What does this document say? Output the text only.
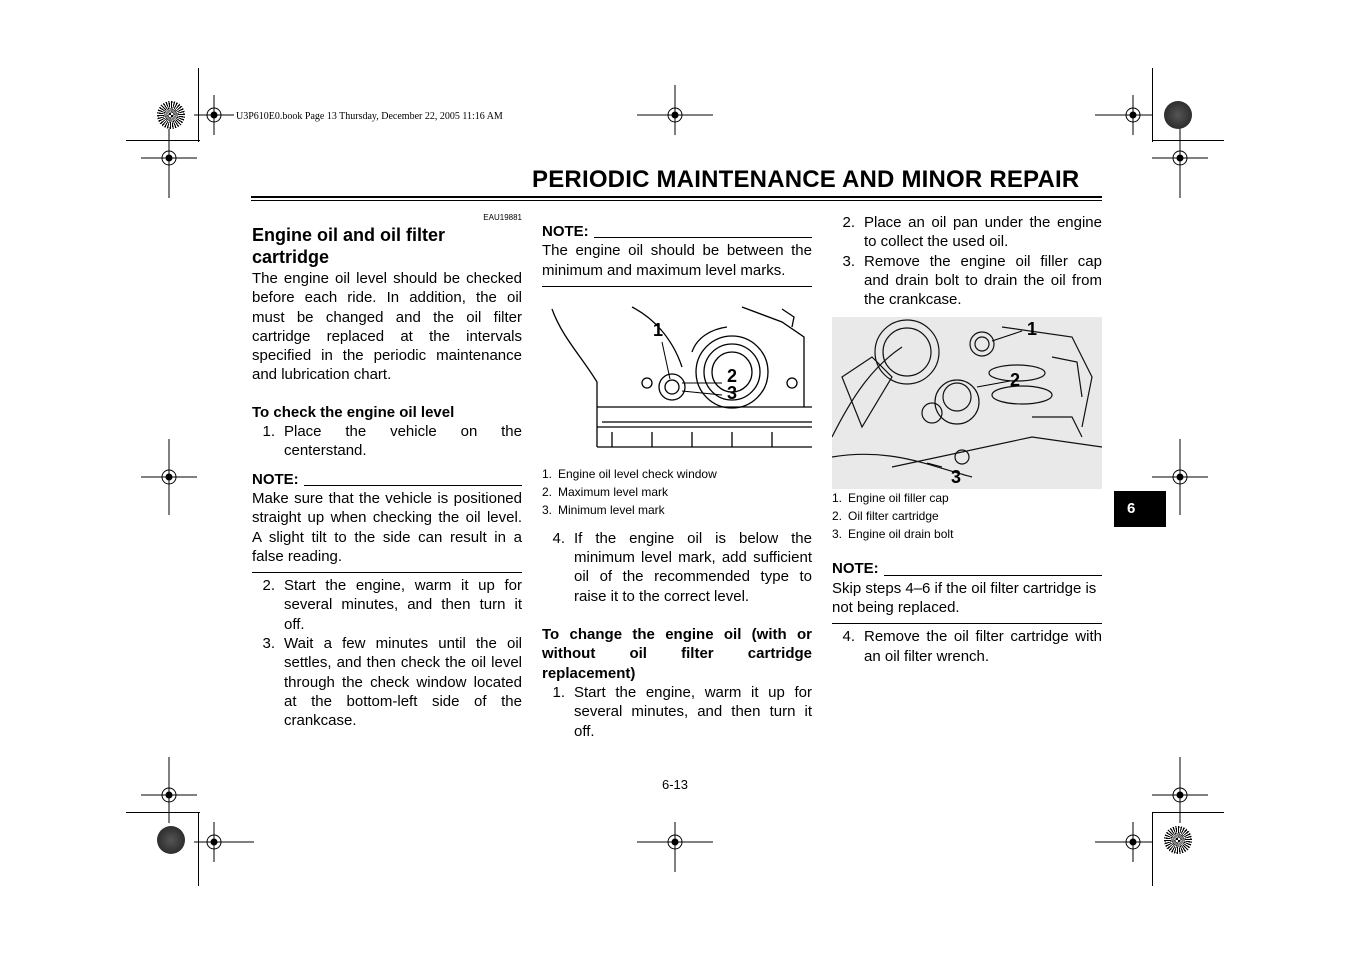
U3P610E0.book Page 13 Thursday, December 22, 2005 11:16 AM
PERIODIC MAINTENANCE AND MINOR REPAIR
6
EAU19881
Engine oil and oil filter cartridge
The engine oil level should be checked before each ride. In addition, the oil must be changed and the oil filter cartridge replaced at the intervals specified in the periodic maintenance and lubrication chart.
To check the engine oil level
1. Place the vehicle on the centerstand.
NOTE:
Make sure that the vehicle is positioned straight up when checking the oil level. A slight tilt to the side can result in a false reading.
2. Start the engine, warm it up for several minutes, and then turn it off.
3. Wait a few minutes until the oil settles, and then check the oil level through the check window located at the bottom-left side of the crankcase.
NOTE:
The engine oil should be between the minimum and maximum level marks.
1
2
3
1. Engine oil level check window
2. Maximum level mark
3. Minimum level mark
4. If the engine oil is below the minimum level mark, add sufficient oil of the recommended type to raise it to the correct level.
To change the engine oil (with or without oil filter cartridge replacement)
1. Start the engine, warm it up for several minutes, and then turn it off.
2. Place an oil pan under the engine to collect the used oil.
3. Remove the engine oil filler cap and drain bolt to drain the oil from the crankcase.
1
2
3
1. Engine oil filler cap
2. Oil filter cartridge
3. Engine oil drain bolt
NOTE:
Skip steps 4–6 if the oil filter cartridge is not being replaced.
4. Remove the oil filter cartridge with an oil filter wrench.
6-13
